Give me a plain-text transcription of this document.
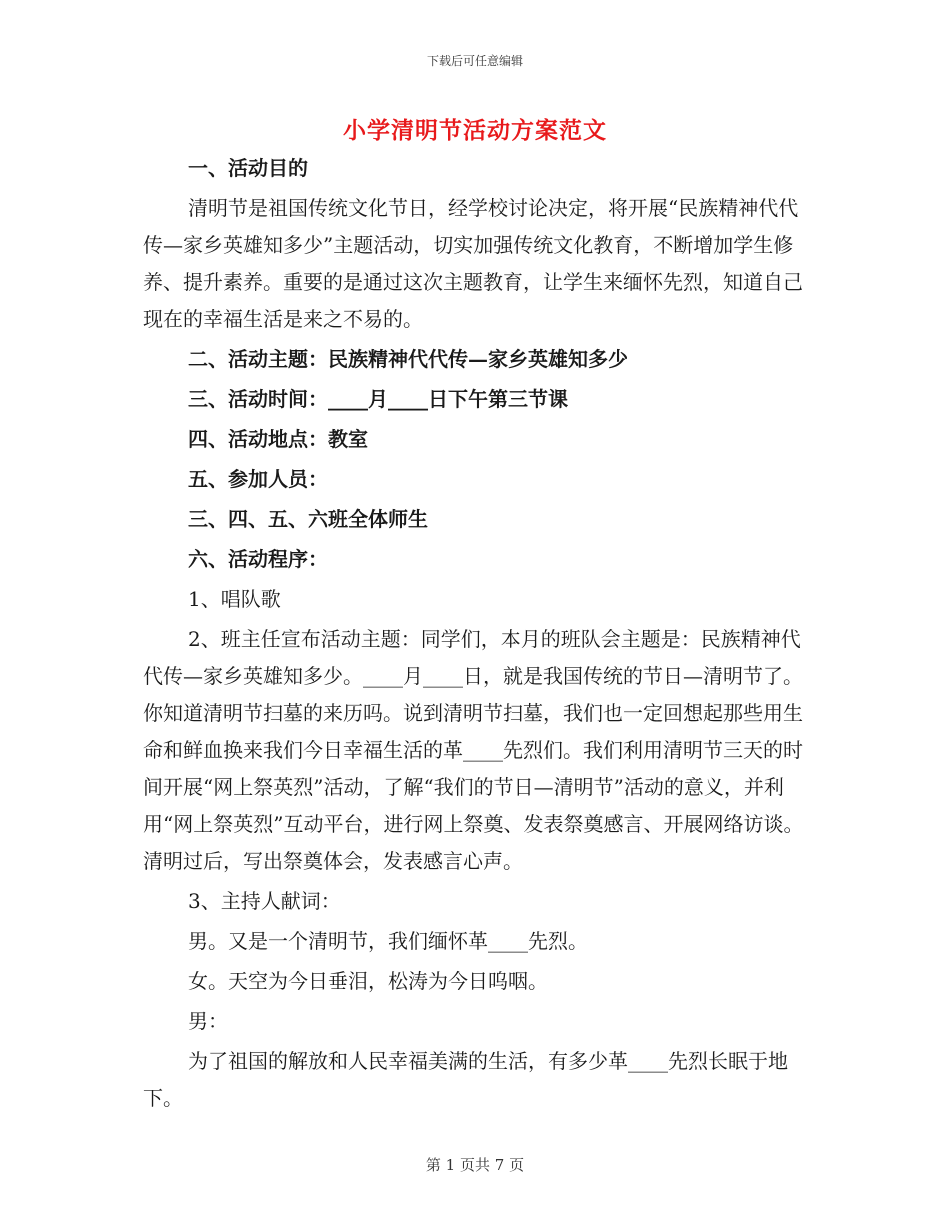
下载后可任意编辑
小学清明节活动方案范文

一、活动目的

清明节是祖国传统文化节日，经学校讨论决定，将开展“民族精神代代传—家乡英雄知多少”主题活动，切实加强传统文化教育，不断增加学生修养、提升素养。重要的是通过这次主题教育，让学生来缅怀先烈，知道自己现在的幸福生活是来之不易的。

二、活动主题：民族精神代代传—家乡英雄知多少

三、活动时间：____月____日下午第三节课

四、活动地点：教室

五、参加人员：

三、四、五、六班全体师生

六、活动程序：

1、唱队歌

2、班主任宣布活动主题：同学们，本月的班队会主题是：民族精神代代传—家乡英雄知多少。____月____日，就是我国传统的节日—清明节了。你知道清明节扫墓的来历吗。说到清明节扫墓，我们也一定回想起那些用生命和鲜血换来我们今日幸福生活的革____先烈们。我们利用清明节三天的时间开展“网上祭英烈”活动，了解“我们的节日—清明节”活动的意义，并利用“网上祭英烈”互动平台，进行网上祭奠、发表祭奠感言、开展网络访谈。清明过后，写出祭奠体会，发表感言心声。

3、主持人献词：

男。又是一个清明节，我们缅怀革____先烈。

女。天空为今日垂泪，松涛为今日呜咽。

男：

为了祖国的解放和人民幸福美满的生活，有多少革____先烈长眠于地下。

第 1 页共 7 页
